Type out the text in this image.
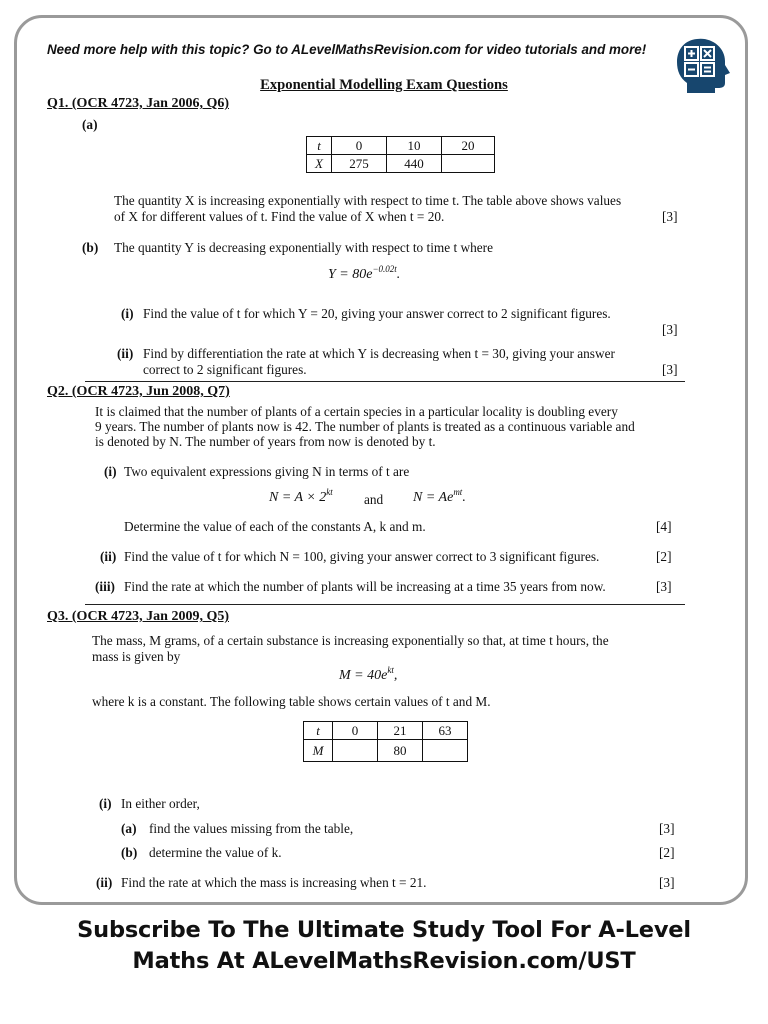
Need more help with this topic? Go to ALevelMathsRevision.com for video tutorials and more!
Exponential Modelling Exam Questions
Q1. (OCR 4723, Jan 2006, Q6)
(a)
t	0	10	20
X	275	440	
The quantity X is increasing exponentially with respect to time t. The table above shows values
of X for different values of t. Find the value of X when t = 20.	[3]
(b) The quantity Y is decreasing exponentially with respect to time t where
$Y = 80e^{-0.02t}$.
(i) Find the value of t for which Y = 20, giving your answer correct to 2 significant figures.
[3]
(ii) Find by differentiation the rate at which Y is decreasing when t = 30, giving your answer
correct to 2 significant figures.	[3]
Q2. (OCR 4723, Jun 2008, Q7)
It is claimed that the number of plants of a certain species in a particular locality is doubling every
9 years. The number of plants now is 42. The number of plants is treated as a continuous variable and
is denoted by N. The number of years from now is denoted by t.
(i) Two equivalent expressions giving N in terms of t are
$N = A \times 2^{kt}$ and $N = Ae^{mt}$.
Determine the value of each of the constants A, k and m.	[4]
(ii) Find the value of t for which N = 100, giving your answer correct to 3 significant figures.	[2]
(iii) Find the rate at which the number of plants will be increasing at a time 35 years from now.	[3]
Q3. (OCR 4723, Jan 2009, Q5)
The mass, M grams, of a certain substance is increasing exponentially so that, at time t hours, the
mass is given by
$M = 40e^{kt}$,
where k is a constant. The following table shows certain values of t and M.
t	0	21	63
M		80	
(i) In either order,
(a) find the values missing from the table,	[3]
(b) determine the value of k.	[2]
(ii) Find the rate at which the mass is increasing when t = 21.	[3]
Subscribe To The Ultimate Study Tool For A-Level
Maths At ALevelMathsRevision.com/UST
